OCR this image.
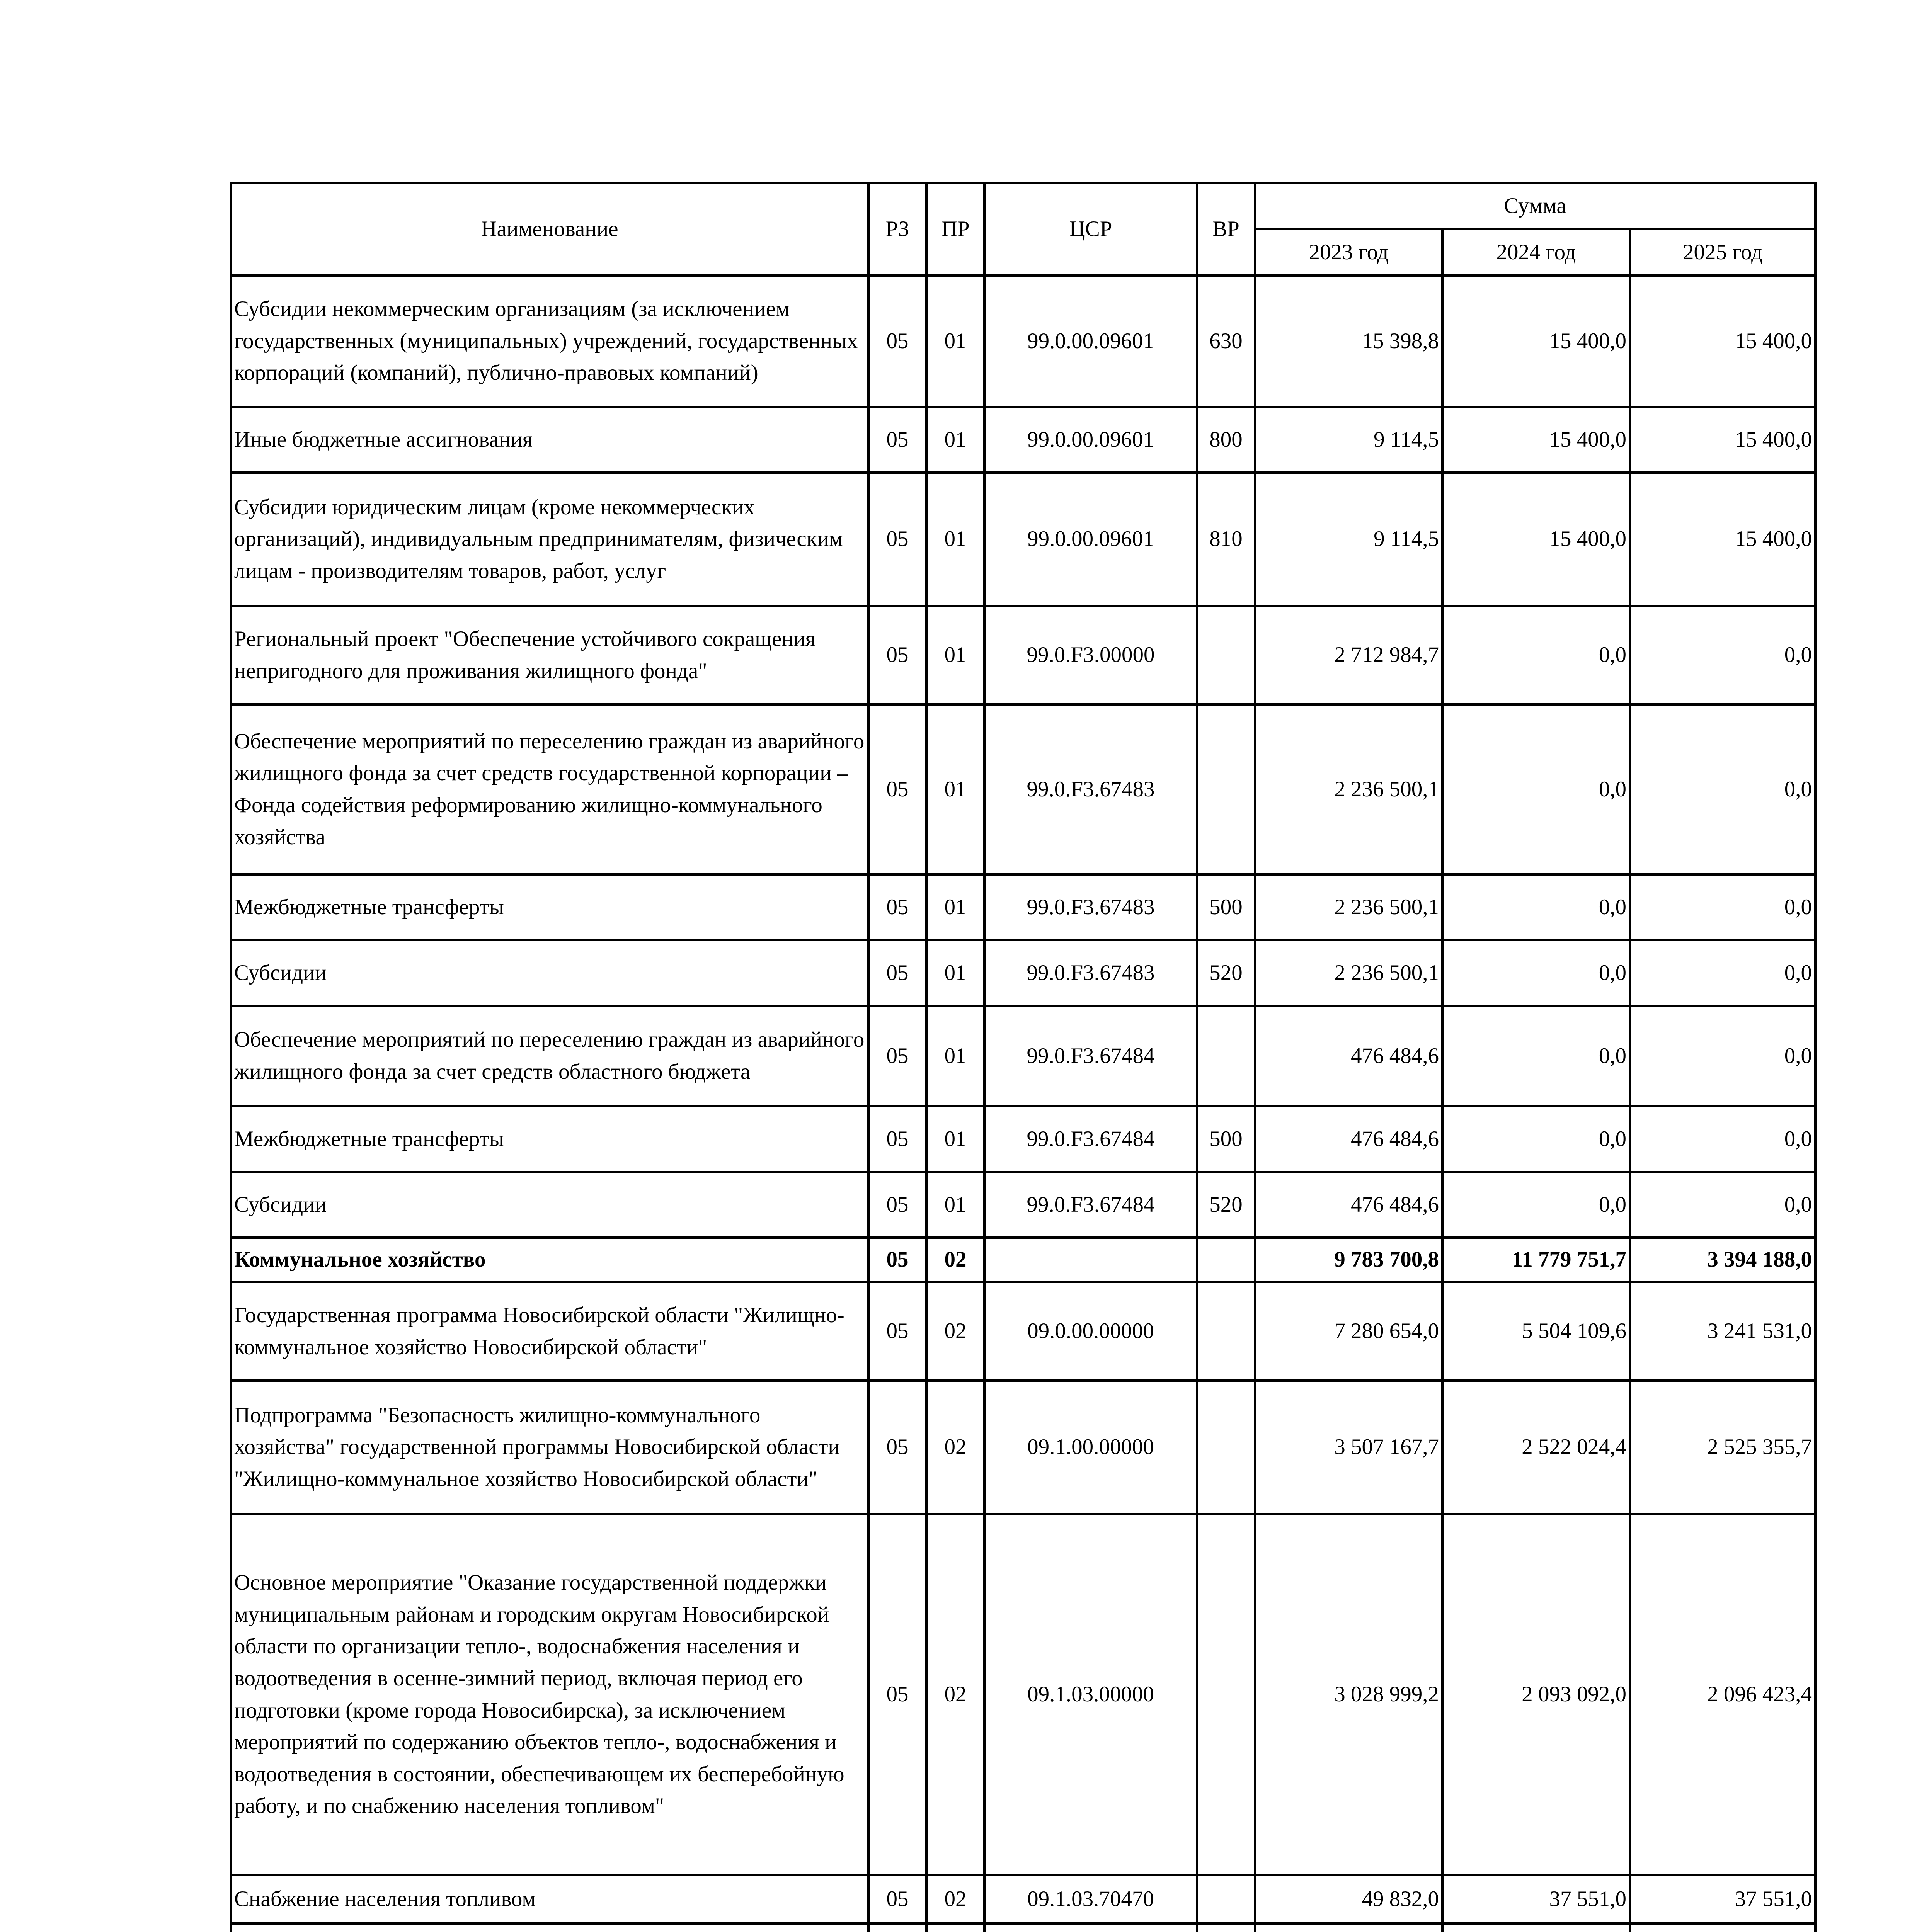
Наименование	РЗ	ПР	ЦСР	ВР	Сумма		
					2023 год	2024 год	2025 год
Субсидии некоммерческим организациям (за исключением государственных (муниципальных) учреждений, государственных корпораций (компаний), публично-правовых компаний)	05	01	99.0.00.09601	630	15 398,8	15 400,0	15 400,0
Иные бюджетные ассигнования	05	01	99.0.00.09601	800	9 114,5	15 400,0	15 400,0
Субсидии юридическим лицам (кроме некоммерческих организаций), индивидуальным предпринимателям, физическим лицам - производителям товаров, работ, услуг	05	01	99.0.00.09601	810	9 114,5	15 400,0	15 400,0
Региональный проект "Обеспечение устойчивого сокращения непригодного для проживания жилищного фонда"	05	01	99.0.F3.00000		2 712 984,7	0,0	0,0
Обеспечение мероприятий по переселению граждан из аварийного жилищного фонда за счет средств государственной корпорации – Фонда содействия реформированию жилищно-коммунального хозяйства	05	01	99.0.F3.67483		2 236 500,1	0,0	0,0
Межбюджетные трансферты	05	01	99.0.F3.67483	500	2 236 500,1	0,0	0,0
Субсидии	05	01	99.0.F3.67483	520	2 236 500,1	0,0	0,0
Обеспечение мероприятий по переселению граждан из аварийного жилищного фонда за счет средств областного бюджета	05	01	99.0.F3.67484		476 484,6	0,0	0,0
Межбюджетные трансферты	05	01	99.0.F3.67484	500	476 484,6	0,0	0,0
Субсидии	05	01	99.0.F3.67484	520	476 484,6	0,0	0,0
Коммунальное хозяйство	05	02			9 783 700,8	11 779 751,7	3 394 188,0
Государственная программа Новосибирской области "Жилищно-коммунальное хозяйство Новосибирской области"	05	02	09.0.00.00000		7 280 654,0	5 504 109,6	3 241 531,0
Подпрограмма "Безопасность жилищно-коммунального хозяйства" государственной программы Новосибирской области "Жилищно-коммунальное хозяйство Новосибирской области"	05	02	09.1.00.00000		3 507 167,7	2 522 024,4	2 525 355,7
Основное мероприятие "Оказание государственной поддержки муниципальным районам и городским округам Новосибирской области по организации тепло-, водоснабжения населения и водоотведения в осенне-зимний период, включая период его подготовки (кроме города Новосибирска), за исключением мероприятий по содержанию объектов тепло-, водоснабжения и водоотведения в состоянии, обеспечивающем их бесперебойную работу, и по снабжению населения топливом"	05	02	09.1.03.00000		3 028 999,2	2 093 092,0	2 096 423,4
Снабжение населения топливом	05	02	09.1.03.70470		49 832,0	37 551,0	37 551,0
